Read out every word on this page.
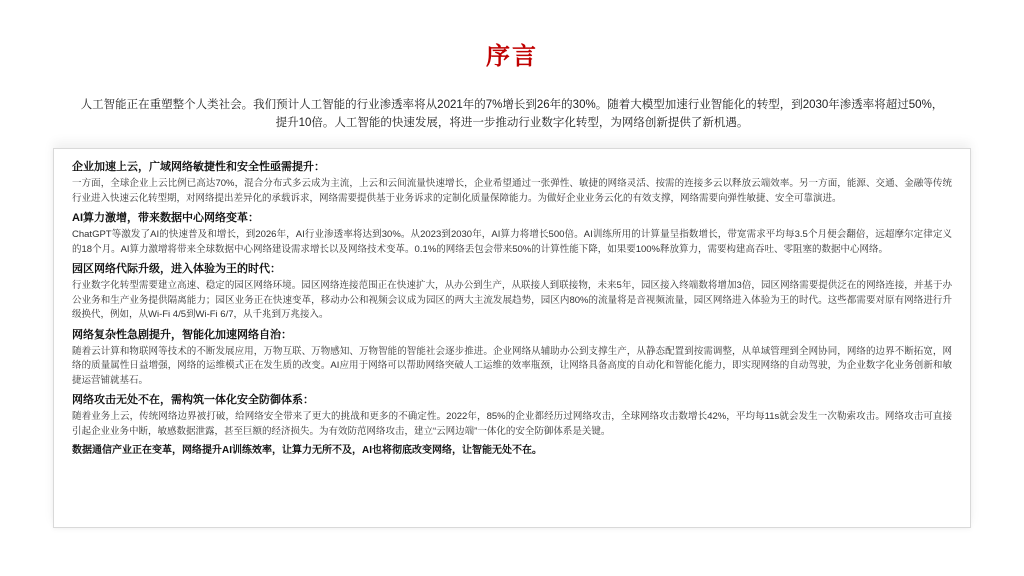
序言
人工智能正在重塑整个人类社会。我们预计人工智能的行业渗透率将从2021年的7%增长到26年的30%。随着大模型加速行业智能化的转型，到2030年渗透率将超过50%，提升10倍。人工智能的快速发展，将进一步推动行业数字化转型，为网络创新提供了新机遇。
企业加速上云，广域网络敏捷性和安全性亟需提升：
一方面，全球企业上云比例已高达70%，混合分布式多云成为主流，上云和云间流量快速增长，企业希望通过一张弹性、敏捷的网络灵活、按需的连接多云以释放云端效率。另一方面，能源、交通、金融等传统行业进入快速云化转型期，对网络提出差异化的承载诉求，网络需要提供基于业务诉求的定制化质量保障能力。为做好企业业务云化的有效支撑，网络需要向弹性敏捷、安全可靠演进。
AI算力激增，带来数据中心网络变革：
ChatGPT等激发了AI的快速普及和增长，到2026年，AI行业渗透率将达到30%。从2023到2030年，AI算力将增长500倍。AI训练所用的计算量呈指数增长，带宽需求平均每3.5个月便会翻倍，远超摩尔定律定义的18个月。AI算力激增将带来全球数据中心网络建设需求增长以及网络技术变革。0.1%的网络丢包会带来50%的计算性能下降，如果要100%释放算力，需要构建高吞吐、零阻塞的数据中心网络。
园区网络代际升级，进入体验为王的时代：
行业数字化转型需要建立高速、稳定的园区网络环境。园区网络连接范围正在快速扩大，从办公到生产，从联接人到联接物，未来5年，园区接入终端数将增加3倍，园区网络需要提供泛在的网络连接，并基于办公业务和生产业务提供隔离能力；园区业务正在快速变革，移动办公和视频会议成为园区的两大主流发展趋势，园区内80%的流量将是音视频流量，园区网络进入体验为王的时代。这些都需要对原有网络进行升级换代，例如，从Wi-Fi 4/5到Wi-Fi 6/7，从千兆到万兆接入。
网络复杂性急剧提升，智能化加速网络自治：
随着云计算和物联网等技术的不断发展应用，万物互联、万物感知、万物智能的智能社会逐步推进。企业网络从辅助办公到支撑生产，从静态配置到按需调整，从单域管理到全网协同，网络的边界不断拓宽，网络的质量属性日益增强，网络的运维模式正在发生质的改变。AI应用于网络可以帮助网络突破人工运维的效率瓶颈，让网络具备高度的自动化和智能化能力，即实现网络的自动驾驶，为企业数字化业务创新和敏捷运营铺就基石。
网络攻击无处不在，需构筑一体化安全防御体系：
随着业务上云，传统网络边界被打破，给网络安全带来了更大的挑战和更多的不确定性。2022年，85%的企业都经历过网络攻击，全球网络攻击数增长42%，平均每11s就会发生一次勒索攻击。网络攻击可直接引起企业业务中断，敏感数据泄露，甚至巨额的经济损失。为有效防范网络攻击，建立“云网边端”一体化的安全防御体系是关键。
数据通信产业正在变革，网络提升AI训练效率，让算力无所不及，AI也将彻底改变网络，让智能无处不在。
